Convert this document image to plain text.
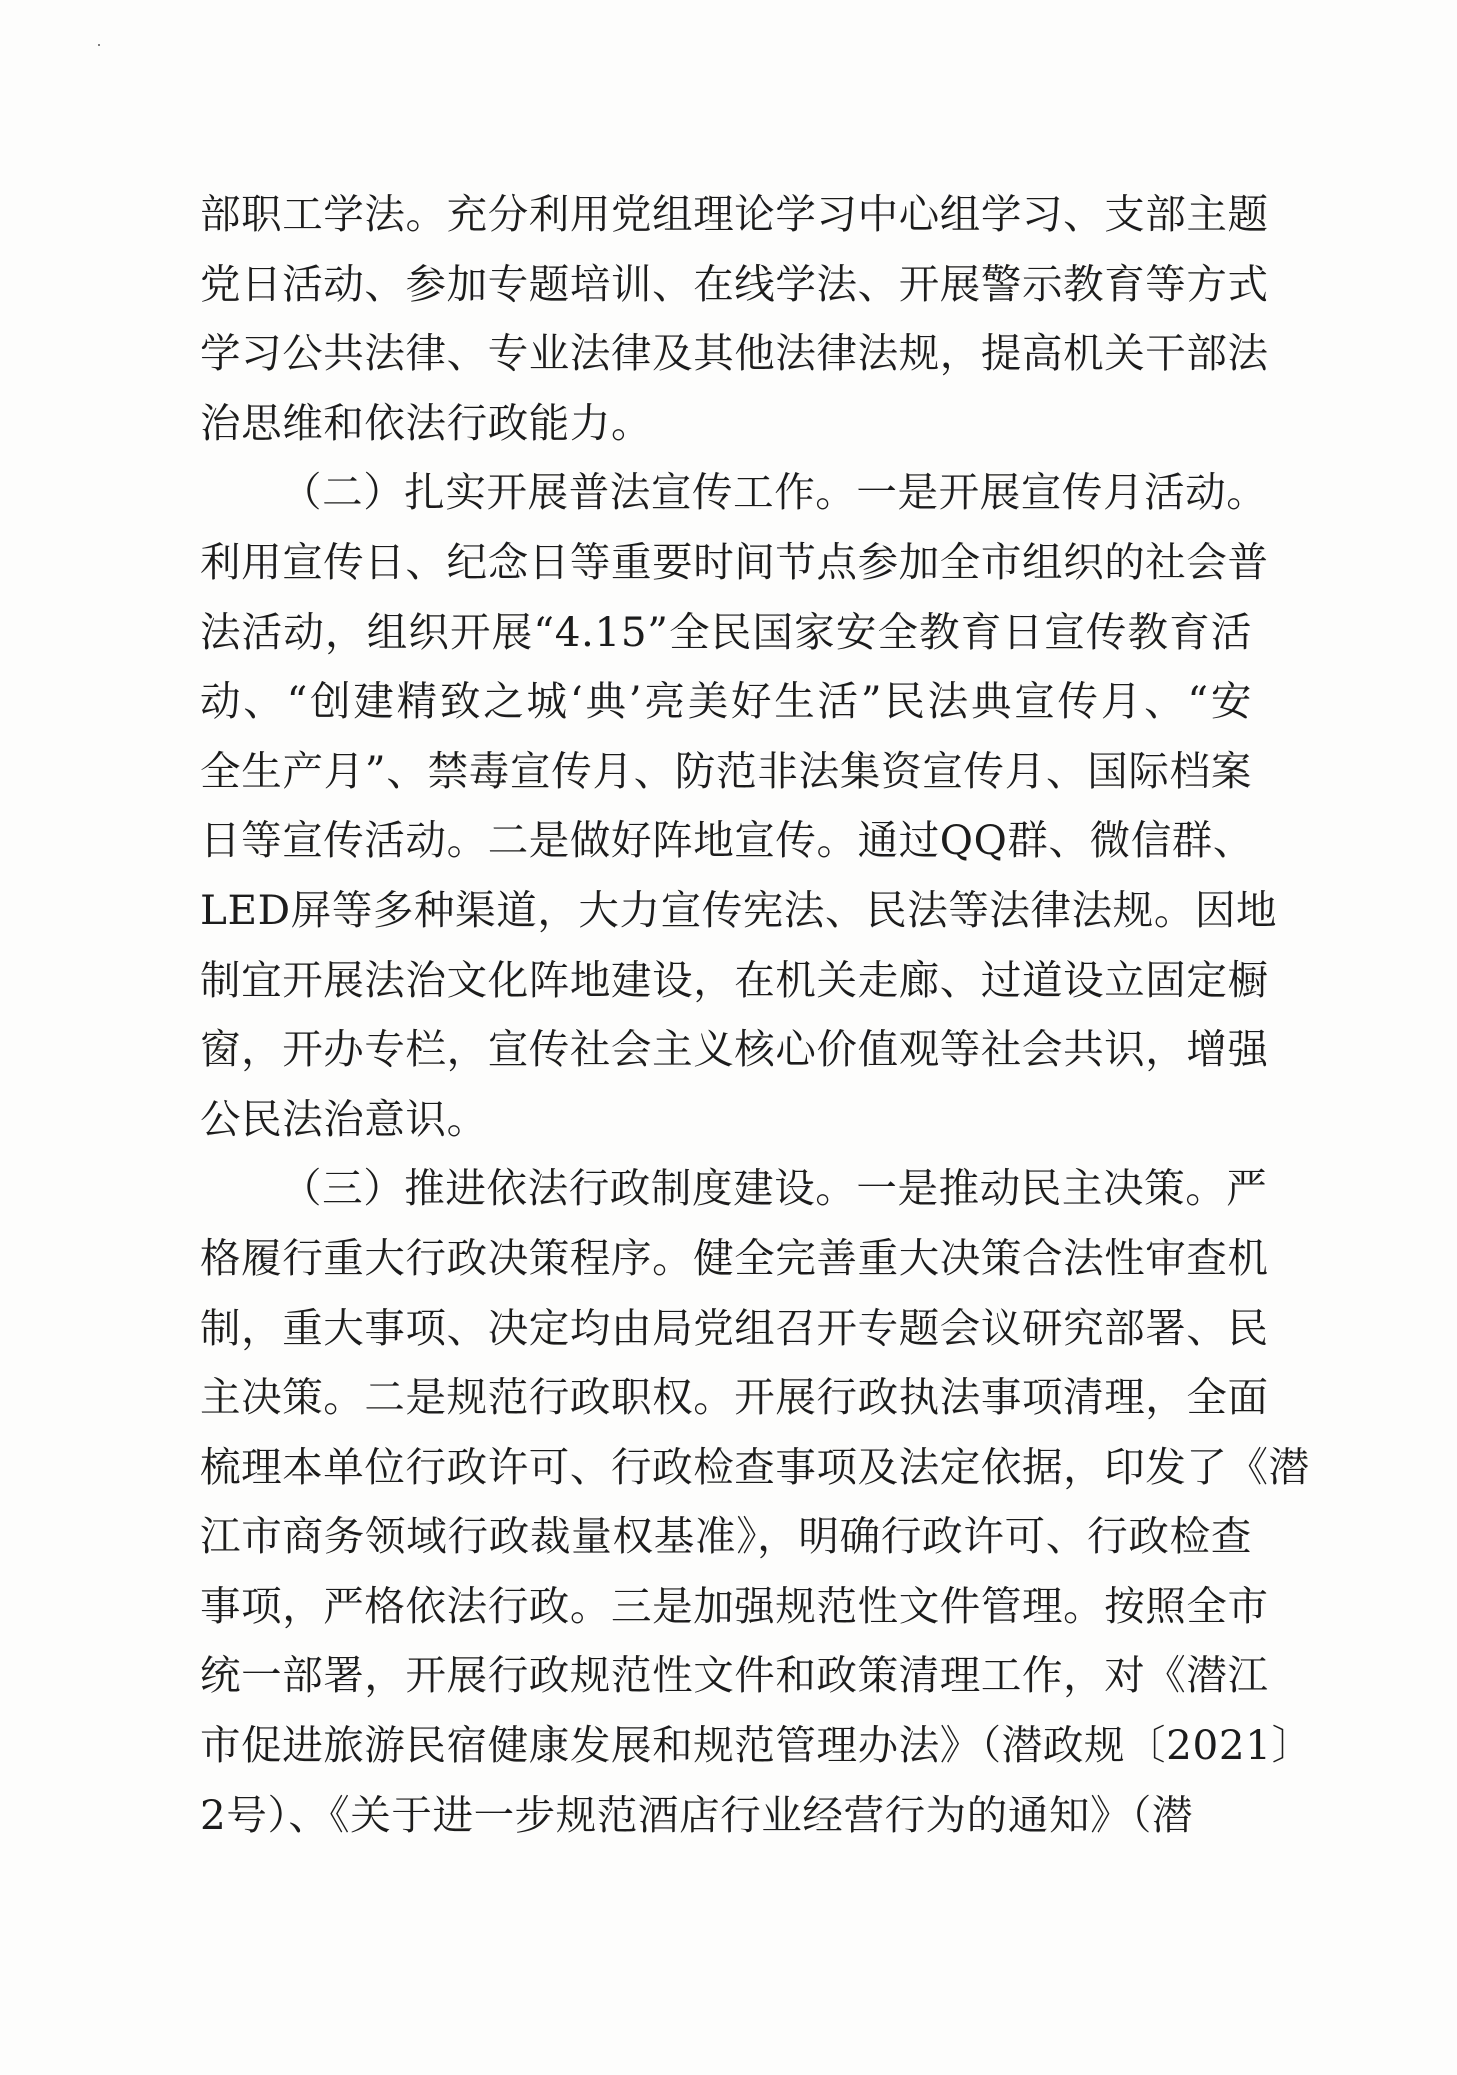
部职工学法。充分利用党组理论学习中心组学习、支部主题
党日活动、参加专题培训、在线学法、开展警示教育等方式
学习公共法律、专业法律及其他法律法规，提高机关干部法
治思维和依法行政能力。
（二）扎实开展普法宣传工作。一是开展宣传月活动。
利用宣传日、纪念日等重要时间节点参加全市组织的社会普
法活动，组织开展“4.15”全民国家安全教育日宣传教育活
动、“创建精致之城‘典’亮美好生活”民法典宣传月、“安
全生产月”、禁毒宣传月、防范非法集资宣传月、国际档案
日等宣传活动。二是做好阵地宣传。通过QQ群、微信群、
LED屏等多种渠道，大力宣传宪法、民法等法律法规。因地
制宜开展法治文化阵地建设，在机关走廊、过道设立固定橱
窗，开办专栏，宣传社会主义核心价值观等社会共识，增强
公民法治意识。
（三）推进依法行政制度建设。一是推动民主决策。严
格履行重大行政决策程序。健全完善重大决策合法性审查机
制，重大事项、决定均由局党组召开专题会议研究部署、民
主决策。二是规范行政职权。开展行政执法事项清理，全面
梳理本单位行政许可、行政检查事项及法定依据，印发了《潜
江市商务领域行政裁量权基准》，明确行政许可、行政检查
事项，严格依法行政。三是加强规范性文件管理。按照全市
统一部署，开展行政规范性文件和政策清理工作，对《潜江
市促进旅游民宿健康发展和规范管理办法》（潜政规〔2021〕
2号）、《关于进一步规范酒店行业经营行为的通知》（潜
